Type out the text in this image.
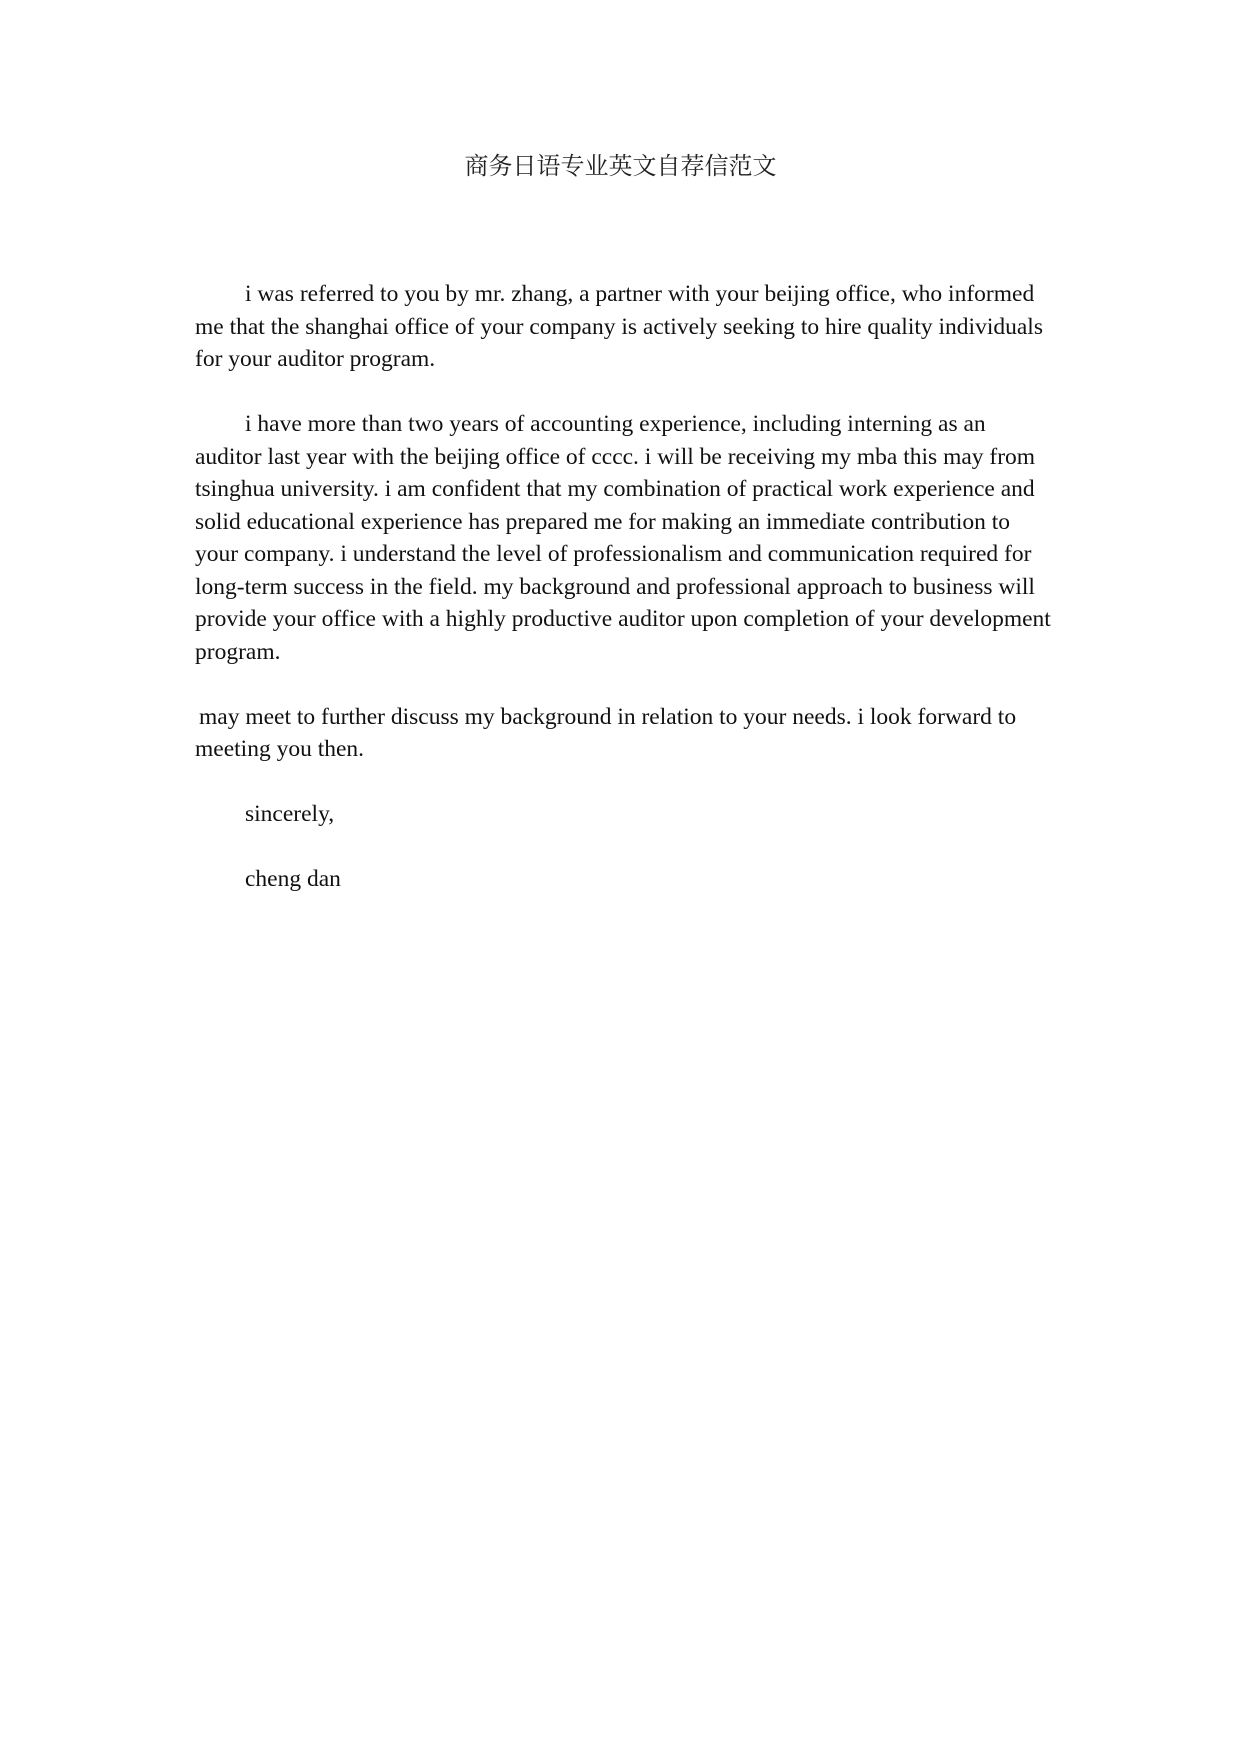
商务日语专业英文自荐信范文

i was referred to you by mr. zhang, a partner with your beijing office, who informed me that the shanghai office of your company is actively seeking to hire quality individuals for your auditor program.

i have more than two years of accounting experience, including interning as an auditor last year with the beijing office of cccc. i will be receiving my mba this may from tsinghua university. i am confident that my combination of practical work experience and solid educational experience has prepared me for making an immediate contribution to your company. i understand the level of professionalism and communication required for long-term success in the field. my background and professional approach to business will provide your office with a highly productive auditor upon completion of your development program.

may meet to further discuss my background in relation to your needs. i look forward to meeting you then.

sincerely,

cheng dan
